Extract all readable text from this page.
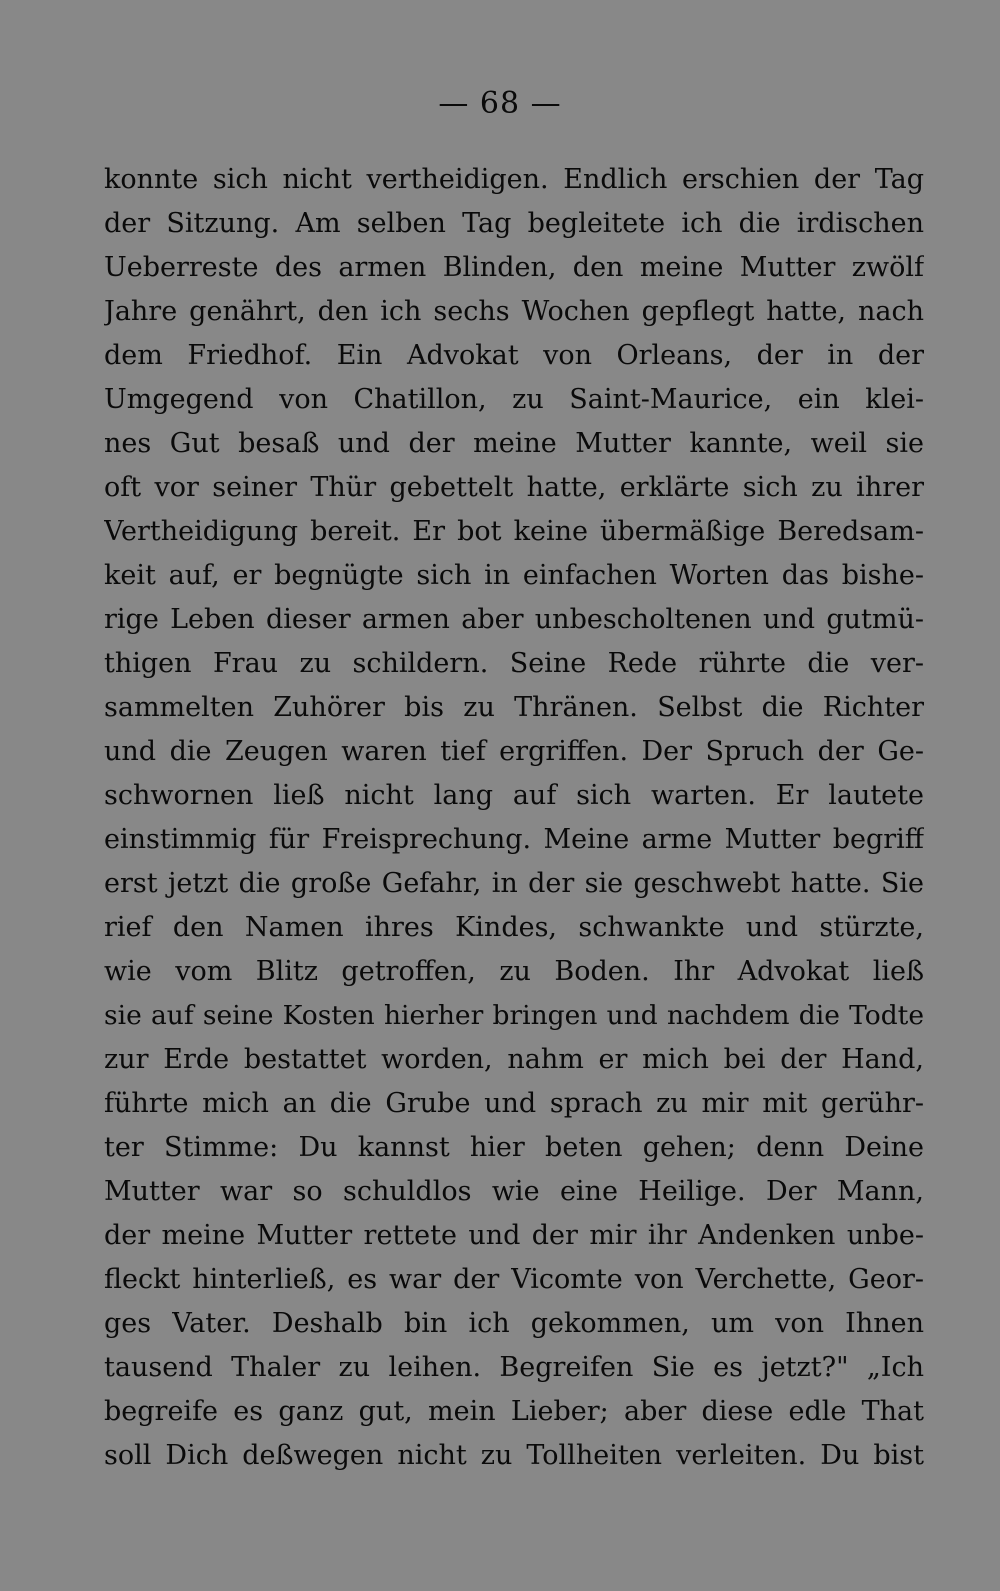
— 68 —
konnte sich nicht vertheidigen. Endlich erschien der Tag
der Sitzung. Am selben Tag begleitete ich die irdischen
Ueberreste des armen Blinden, den meine Mutter zwölf
Jahre genährt, den ich sechs Wochen gepflegt hatte, nach
dem Friedhof. Ein Advokat von Orleans, der in der
Umgegend von Chatillon, zu Saint-Maurice, ein klei-
nes Gut besaß und der meine Mutter kannte, weil sie
oft vor seiner Thür gebettelt hatte, erklärte sich zu ihrer
Vertheidigung bereit. Er bot keine übermäßige Beredsam-
keit auf, er begnügte sich in einfachen Worten das bishe-
rige Leben dieser armen aber unbescholtenen und gutmü-
thigen Frau zu schildern. Seine Rede rührte die ver-
sammelten Zuhörer bis zu Thränen. Selbst die Richter
und die Zeugen waren tief ergriffen. Der Spruch der Ge-
schwornen ließ nicht lang auf sich warten. Er lautete
einstimmig für Freisprechung. Meine arme Mutter begriff
erst jetzt die große Gefahr, in der sie geschwebt hatte. Sie
rief den Namen ihres Kindes, schwankte und stürzte,
wie vom Blitz getroffen, zu Boden. Ihr Advokat ließ
sie auf seine Kosten hierher bringen und nachdem die Todte
zur Erde bestattet worden, nahm er mich bei der Hand,
führte mich an die Grube und sprach zu mir mit gerühr-
ter Stimme: Du kannst hier beten gehen; denn Deine
Mutter war so schuldlos wie eine Heilige. Der Mann,
der meine Mutter rettete und der mir ihr Andenken unbe-
fleckt hinterließ, es war der Vicomte von Verchette, Geor-
ges Vater. Deshalb bin ich gekommen, um von Ihnen
tausend Thaler zu leihen. Begreifen Sie es jetzt?" „Ich
begreife es ganz gut, mein Lieber; aber diese edle That
soll Dich deßwegen nicht zu Tollheiten verleiten. Du bist
